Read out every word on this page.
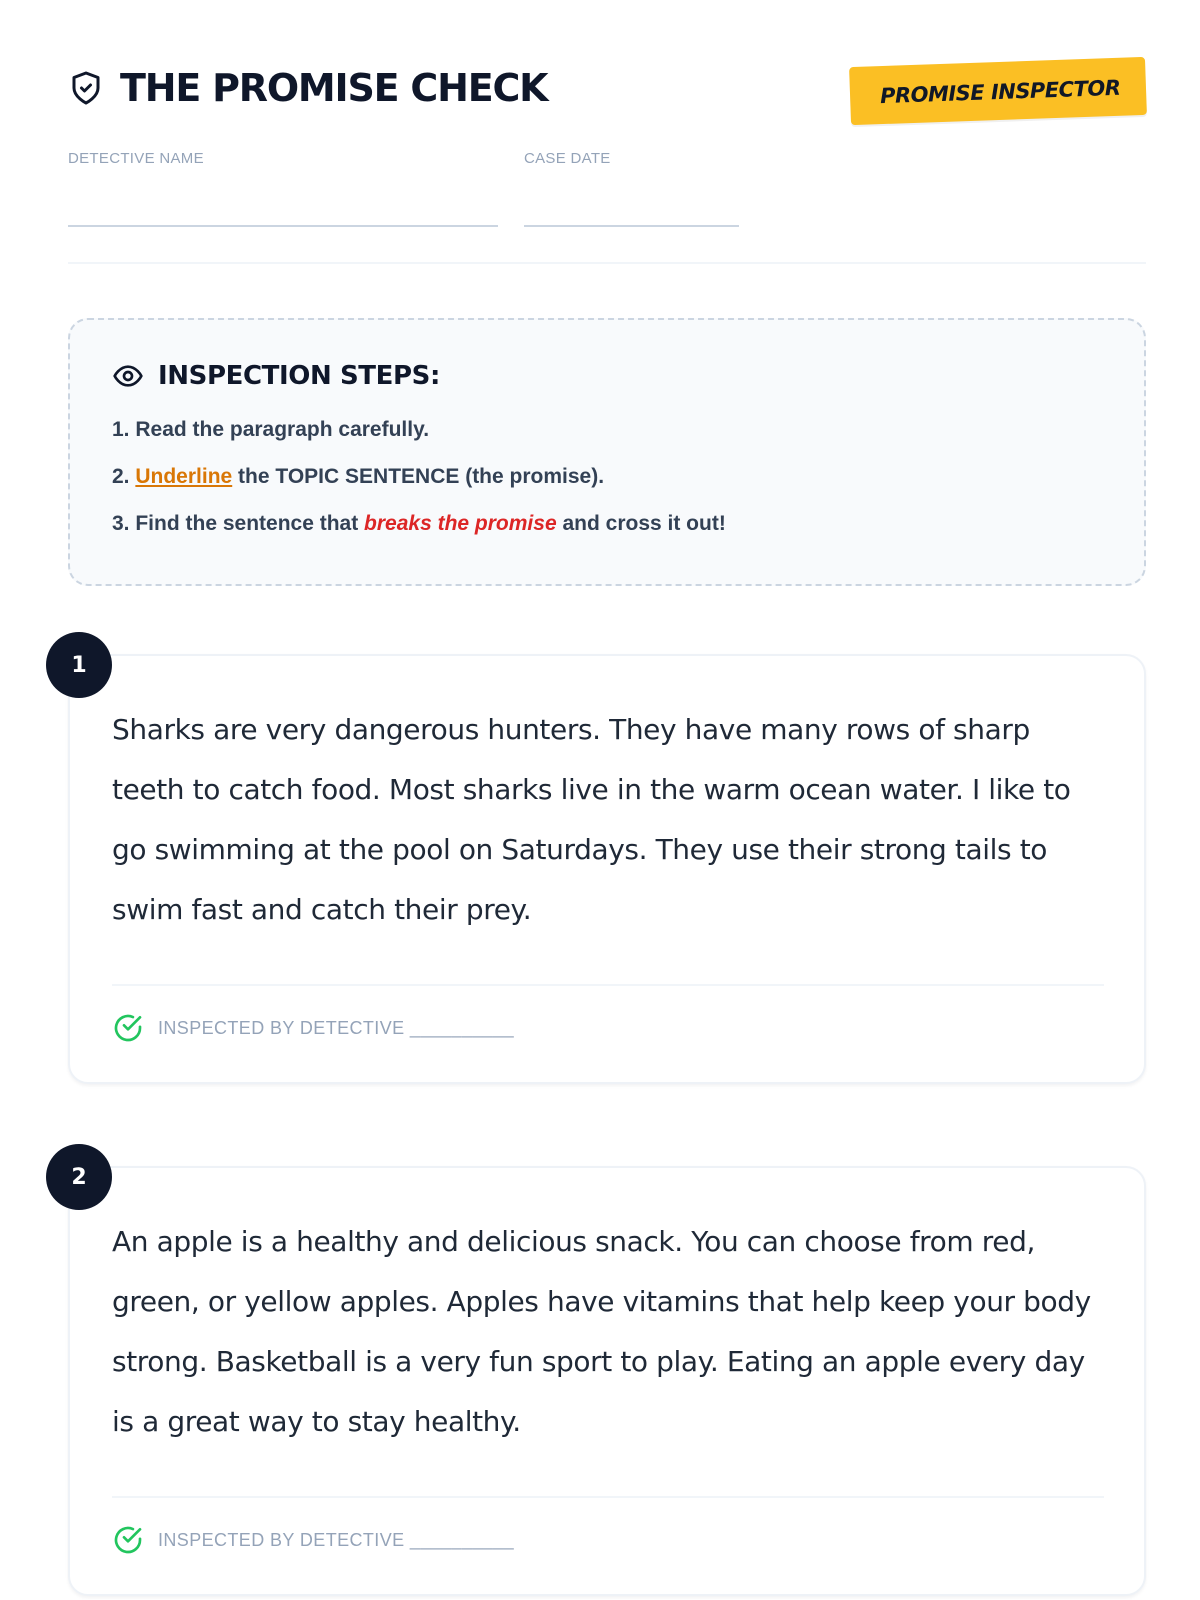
THE PROMISE CHECK	PROMISE INSPECTOR
DETECTIVE NAME	CASE DATE
INSPECTION STEPS:
1. Read the paragraph carefully.
2. Underline the TOPIC SENTENCE (the promise).
3. Find the sentence that breaks the promise and cross it out!
1

Sharks are very dangerous hunters. They have many rows of sharp teeth to catch food. Most sharks live in the warm ocean water. I like to go swimming at the pool on Saturdays. They use their strong tails to swim fast and catch their prey.

INSPECTED BY DETECTIVE __________
2

An apple is a healthy and delicious snack. You can choose from red, green, or yellow apples. Apples have vitamins that help keep your body strong. Basketball is a very fun sport to play. Eating an apple every day is a great way to stay healthy.

INSPECTED BY DETECTIVE __________
